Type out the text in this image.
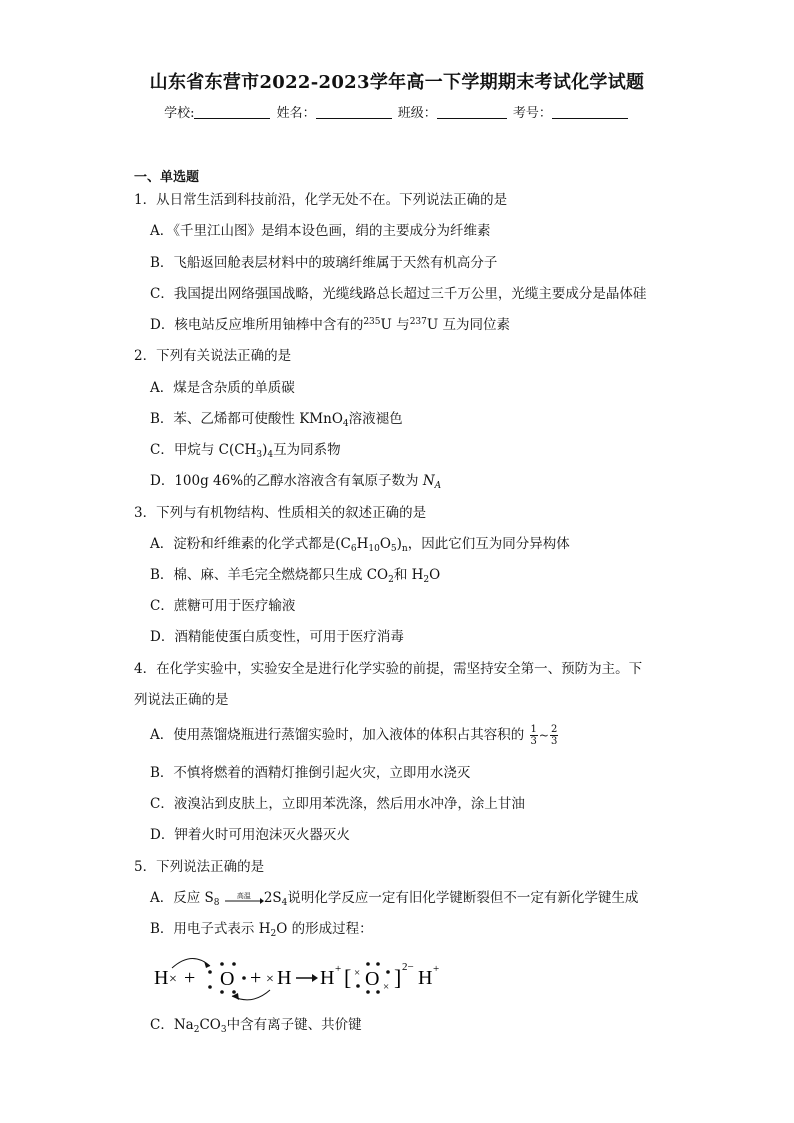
山东省东营市2022-2023学年高一下学期期末考试化学试题
学校:	姓名：	班级：	考号：
一、单选题
1．从日常生活到科技前沿，化学无处不在。下列说法正确的是
A．《千里江山图》是绢本设色画，绢的主要成分为纤维素
B．飞船返回舱表层材料中的玻璃纤维属于天然有机高分子
C．我国提出网络强国战略，光缆线路总长超过三千万公里，光缆主要成分是晶体硅
D．核电站反应堆所用铀棒中含有的$^{235}$U 与$^{237}$U 互为同位素
2．下列有关说法正确的是
A．煤是含杂质的单质碳
B．苯、乙烯都可使酸性 KMnO$_4$溶液褪色
C．甲烷与 $C(CH_3)_4$互为同系物
D．100g 46%的乙醇水溶液含有氧原子数为 $N_A$
3．下列与有机物结构、性质相关的叙述正确的是
A．淀粉和纤维素的化学式都是$(C_6H_{10}O_5)_n$，因此它们互为同分异构体
B．棉、麻、羊毛完全燃烧都只生成 $CO_2$和 $H_2O$
C．蔗糖可用于医疗输液
D．酒精能使蛋白质变性，可用于医疗消毒
4．在化学实验中，实验安全是进行化学实验的前提，需坚持安全第一、预防为主。下
列说法正确的是
A．使用蒸馏烧瓶进行蒸馏实验时，加入液体的体积占其容积的 $\frac{1}{3}$ ~ $\frac{2}{3}$
B．不慎将燃着的酒精灯推倒引起火灾，立即用水浇灭
C．液溴沾到皮肤上，立即用苯洗涤，然后用水冲净，涂上甘油
D．钾着火时可用泡沫灭火器灭火
5．下列说法正确的是
A．反应 $S_8$
高温 $2S_4$说明化学反应一定有旧化学键断裂但不一定有新化学键生成
B．用电子式表示 $H_2O$ 的形成过程：
H × + O + × H H + [ × O × ] 2− H +
C．$Na_2CO_3$中含有离子键、共价键
